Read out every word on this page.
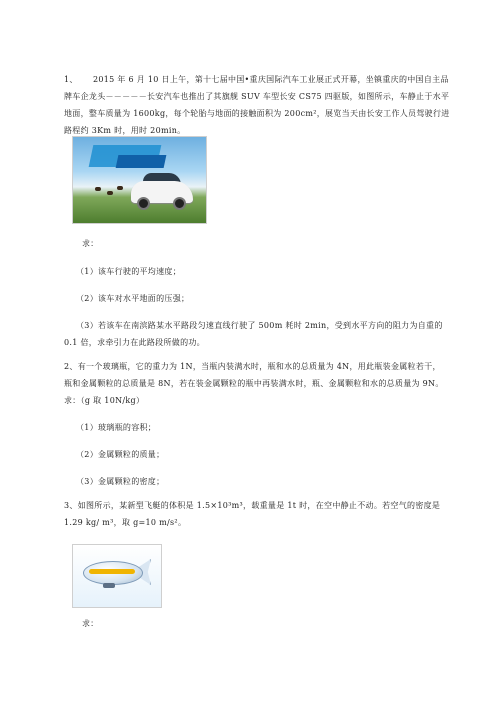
1、 2015 年 6 月 10 日上午，第十七届中国•重庆国际汽车工业展正式开幕，坐镇重庆的中国自主品
牌车企龙头－－－－－长安汽车也推出了其旗舰 SUV 车型长安 CS75 四驱版，如图所示，车静止于水平
地面，整车质量为 1600kg，每个轮胎与地面的接触面积为 200cm²，展览当天由长安工作人员驾驶行进
路程约 3Km 时，用时 20min。
求：
（1）该车行驶的平均速度；
（2）该车对水平地面的压强；
（3）若该车在南滨路某水平路段匀速直线行驶了 500m 耗时 2min，受到水平方向的阻力为自重的
0.1 倍，求牵引力在此路段所做的功。
2、有一个玻璃瓶，它的重力为 1N，当瓶内装满水时，瓶和水的总质量为 4N，用此瓶装金属粒若干，
瓶和金属颗粒的总质量是 8N，若在装金属颗粒的瓶中再装满水时，瓶、金属颗粒和水的总质量为 9N。
求：（g 取 10N/kg）
（1）玻璃瓶的容积；
（2）金属颗粒的质量；
（3）金属颗粒的密度；
3、如图所示，某新型飞艇的体积是 1.5×10³m³，载重量是 1t 时，在空中静止不动。若空气的密度是
1.29 kg/ m³，取 g=10 m/s²。
求：
